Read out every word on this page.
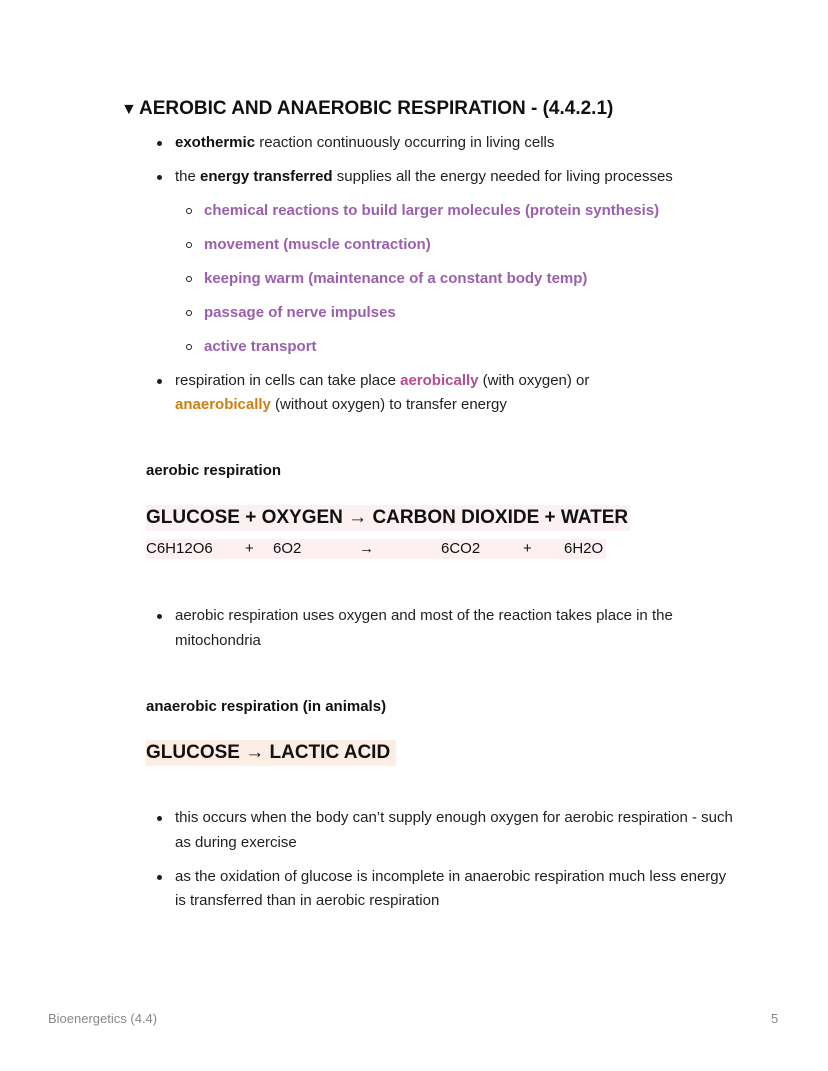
▼ AEROBIC AND ANAEROBIC RESPIRATION - (4.4.2.1)
exothermic reaction continuously occurring in living cells
the energy transferred supplies all the energy needed for living processes
chemical reactions to build larger molecules (protein synthesis)
movement (muscle contraction)
keeping warm (maintenance of a constant body temp)
passage of nerve impulses
active transport
respiration in cells can take place aerobically (with oxygen) or
anaerobically (without oxygen) to transfer energy
aerobic respiration
GLUCOSE + OXYGEN → CARBON DIOXIDE + WATER
C6H12O6 + 6O2	→	6CO2	+ 6H2O
aerobic respiration uses oxygen and most of the reaction takes place in the mitochondria
anaerobic respiration (in animals)
GLUCOSE → LACTIC ACID
this occurs when the body can’t supply enough oxygen for aerobic respiration - such as during exercise
as the oxidation of glucose is incomplete in anaerobic respiration much less energy is transferred than in aerobic respiration
Bioenergetics (4.4)	5
